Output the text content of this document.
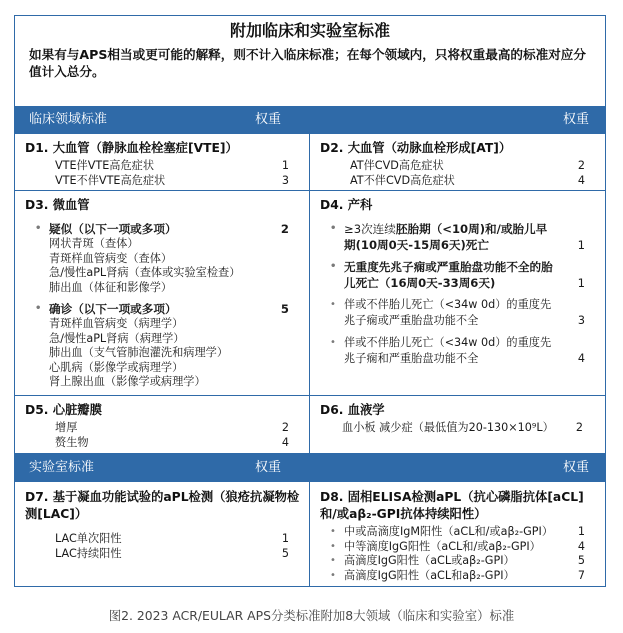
附加临床和实验室标准
如果有与APS相当或更可能的解释，则不计入临床标准；在每个领域内，只将权重最高的标准对应分值计入总分。
临床领域标准	权重	权重
D1. 大血管（静脉血栓栓塞症[VTE]）
VTE伴VTE高危症状	1
VTE不伴VTE高危症状	3
D3. 微血管
• 疑似（以下一项或多项）	2
网状青斑（查体）
青斑样血管病变（查体）
急/慢性aPL肾病（查体或实验室检查）
肺出血（体征和影像学）
• 确诊（以下一项或多项）	5
青斑样血管病变（病理学）
急/慢性aPL肾病（病理学）
肺出血（支气管肺泡灌洗和病理学）
心肌病（影像学或病理学）
肾上腺出血（影像学或病理学）
D5. 心脏瓣膜
增厚	2
赘生物	4
D2. 大血管（动脉血栓形成[AT]）
AT伴CVD高危症状	2
AT不伴CVD高危症状	4
D4. 产科
• ≥3次连续胚胎期（<10周)和/或胎儿早期(10周0天-15周6天)死亡	1
• 无重度先兆子痫或严重胎盘功能不全的胎儿死亡（16周0天-33周6天)	1
• 伴或不伴胎儿死亡（<34w 0d）的重度先兆子痫或严重胎盘功能不全	3
• 伴或不伴胎儿死亡（<34w 0d）的重度先兆子痫和严重胎盘功能不全	4
D6. 血液学
血小板 减少症（最低值为20-130×10⁹L） 2
实验室标准	权重	权重
D7. 基于凝血功能试验的aPL检测（狼疮抗凝物检测[LAC]）
LAC单次阳性	1
LAC持续阳性	5
D8. 固相ELISA检测aPL（抗心磷脂抗体[aCL]和/或aβ₂-GPI抗体持续阳性）
• 中或高滴度IgM阳性（aCL和/或aβ₂-GPI） 1
• 中等滴度IgG阳性（aCL和/或aβ₂-GPI）	4
• 高滴度IgG阳性（aCL或aβ₂-GPI）	5
• 高滴度IgG阳性（aCL和aβ₂-GPI）	7
图2. 2023 ACR/EULAR APS分类标准附加8大领域（临床和实验室）标准
